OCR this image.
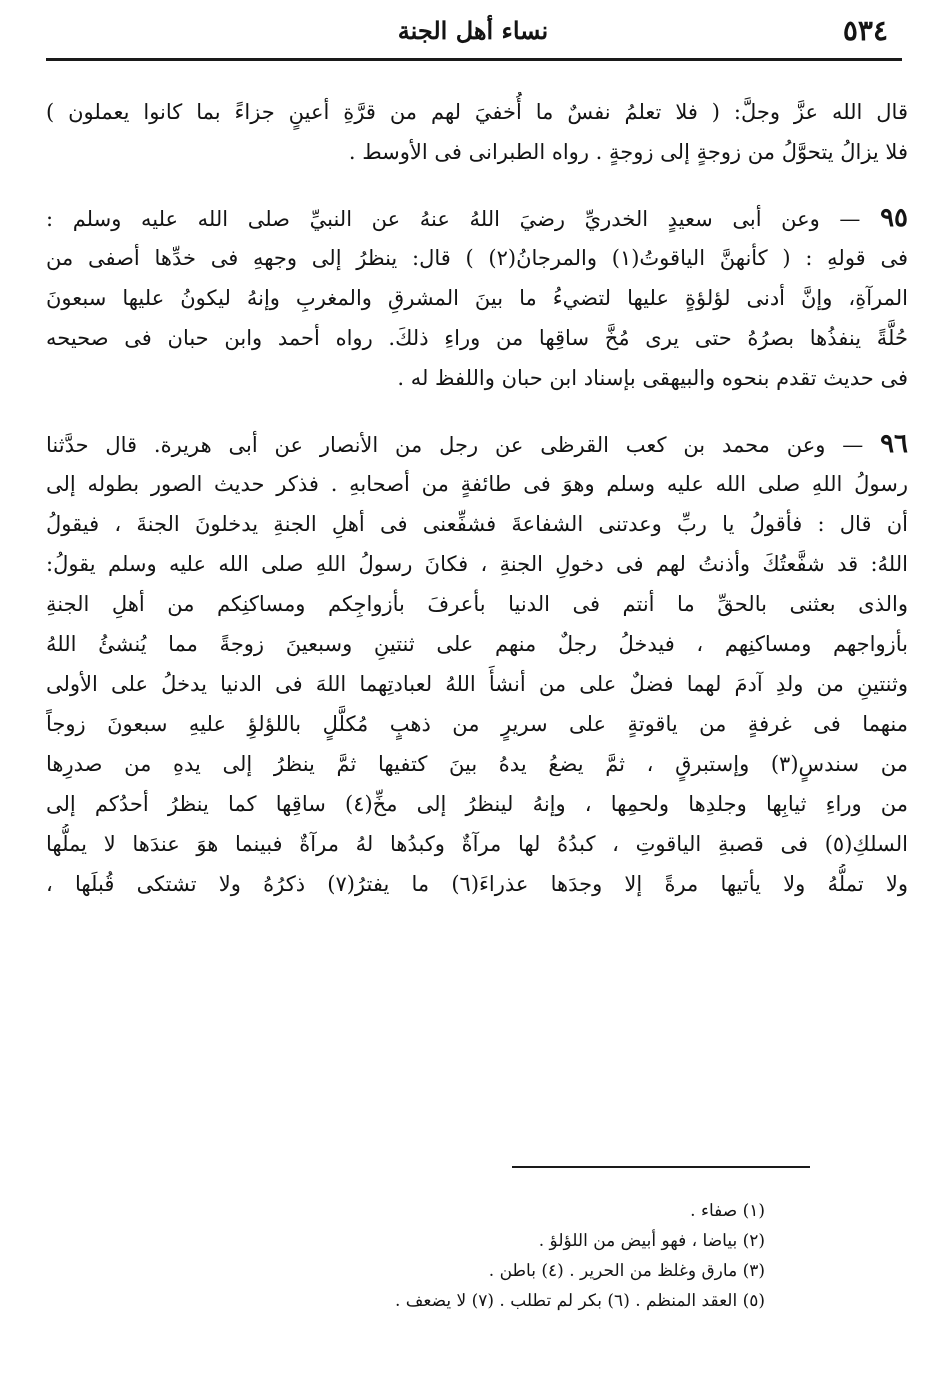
٥٣٤
نساء أهل الجنة
قال الله عزَّ وجلَّ: ( فلا تعلمُ نفسٌ ما أُخفيَ لهم من قرَّةِ أعينٍ جزاءً بما كانوا يعملون )
فلا يزالُ يتحوَّلُ من زوجةٍ إلى زوجةٍ . رواه الطبرانى فى الأوسط .
٩٥ — وعن أبى سعيدٍ الخدريِّ رضيَ اللهُ عنهُ عن النبيِّ صلى الله عليه وسلم :
فى قولهِ : ( كأنهنَّ الياقوتُ(١) والمرجانُ(٢) ) قال: ينظرُ إلى وجههِ فى خدِّها أصفى من
المرآةِ، وإنَّ أدنى لؤلؤةٍ عليها لتضيءُ ما بينَ المشرقِ والمغربِ وإنهُ ليكونُ عليها سبعونَ
حُلَّةً ينفذُها بصرُهُ حتى يرى مُخَّ ساقِها من وراءِ ذلكَ. رواه أحمد وابن حبان فى صحيحه
فى حديث تقدم بنحوه والبيهقى بإسناد ابن حبان واللفظ له .
٩٦ — وعن محمد بن كعب القرظى عن رجل من الأنصار عن أبى هريرة. قال حدَّثنا
رسولُ اللهِ صلى الله عليه وسلم وهوَ فى طائفةٍ من أصحابهِ . فذكر حديث الصور بطوله إلى
أن قال : فأقولُ يا ربِّ وعدتنى الشفاعةَ فشفِّعنى فى أهلِ الجنةِ يدخلونَ الجنةَ ، فيقولُ
اللهُ: قد شفَّعتُكَ وأذنتُ لهم فى دخولِ الجنةِ ، فكانَ رسولُ اللهِ صلى الله عليه وسلم يقولُ:
والذى بعثنى بالحقِّ ما أنتم فى الدنيا بأعرفَ بأزواجِكم ومساكنِكم من أهلِ الجنةِ
بأزواجهم ومساكنِهم ، فيدخلُ رجلٌ منهم على ثنتينِ وسبعينَ زوجةً مما يُنشئُ اللهُ
وثنتينِ من ولدِ آدمَ لهما فضلٌ على من أنشأَ اللهُ لعبادتِهما اللهَ فى الدنيا يدخلُ على الأولى
منهما فى غرفةٍ من ياقوتةٍ على سريرٍ من ذهبٍ مُكلَّلٍ باللؤلؤِ عليهِ سبعونَ زوجاً
من سندسٍ(٣) وإستبرقٍ ، ثمَّ يضعُ يدهُ بينَ كتفيها ثمَّ ينظرُ إلى يدهِ من صدرِها
من وراءِ ثيابِها وجلدِها ولحمِها ، وإنهُ لينظرُ إلى مخِّ(٤) ساقِها كما ينظرُ أحدُكم إلى
السلكِ(٥) فى قصبةِ الياقوتِ ، كبدُهُ لها مرآةٌ وكبدُها لهُ مرآةٌ فبينما هوَ عندَها لا يملُّها
ولا تملُّهُ ولا يأتيها مرةً إلا وجدَها عذراءَ(٦) ما يفترُ(٧) ذكرُهُ ولا تشتكى قُبلَها ،
(١) صفاء .
(٢) بياضا ، فهو أبيض من اللؤلؤ .
(٣) مارق وغلظ من الحرير . (٤) باطن .
(٥) العقد المنظم . (٦) بكر لم تطلب . (٧) لا يضعف .
